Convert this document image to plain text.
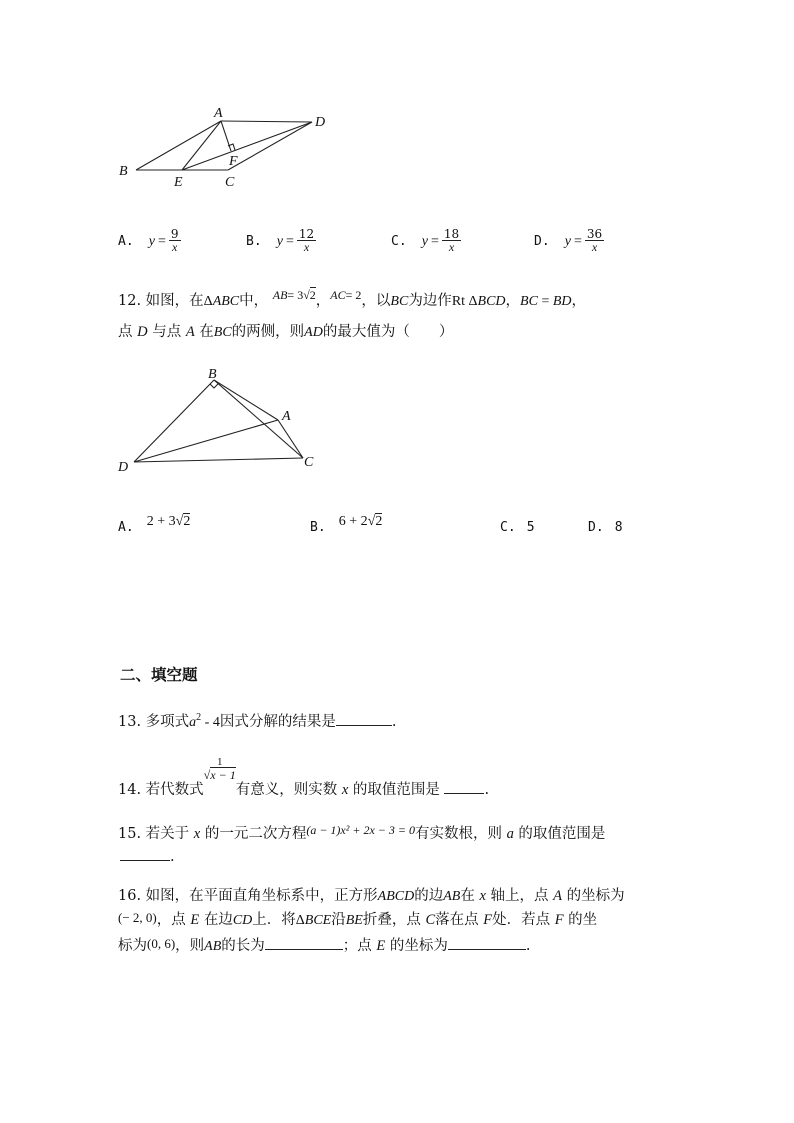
A
D
B
E	C
F
A. $y = \frac{9}{x}$	B. $y = \frac{12}{x}$	C. $y = \frac{18}{x}$	D. $y = \frac{36}{x}$
12. 如图，在ΔABC中， $^{AB= 3√2}$，$^{AC= 2}$，以BC为边作Rt ΔBCD，BC = BD，
点 D 与点 A 在BC的两侧，则AD的最大值为（　　）
B
A
D	C
A. 2 + 3√2	B. 6 + 2√2	C. 5	D. 8
二、填空题
13. 多项式$a^2 - 4$因式分解的结果是	.
14. 若代数式
1
√x − 1
有意义，则实数 x 的取值范围是	.
15. 若关于 x 的一元二次方程$^{(a - 1)x^2 + 2x - 3 = 0}$有实数根，则 a 的取值范围是
.
16. 如图，在平面直角坐标系中，正方形ABCD的边AB在 x 轴上，点 A 的坐标为
(− 2, 0)，点 E 在边CD上．将ΔBCE沿BE折叠，点 C落在点 F处．若点 F 的坐
标为(0, 6)，则AB的长为	；点 E 的坐标为	.
